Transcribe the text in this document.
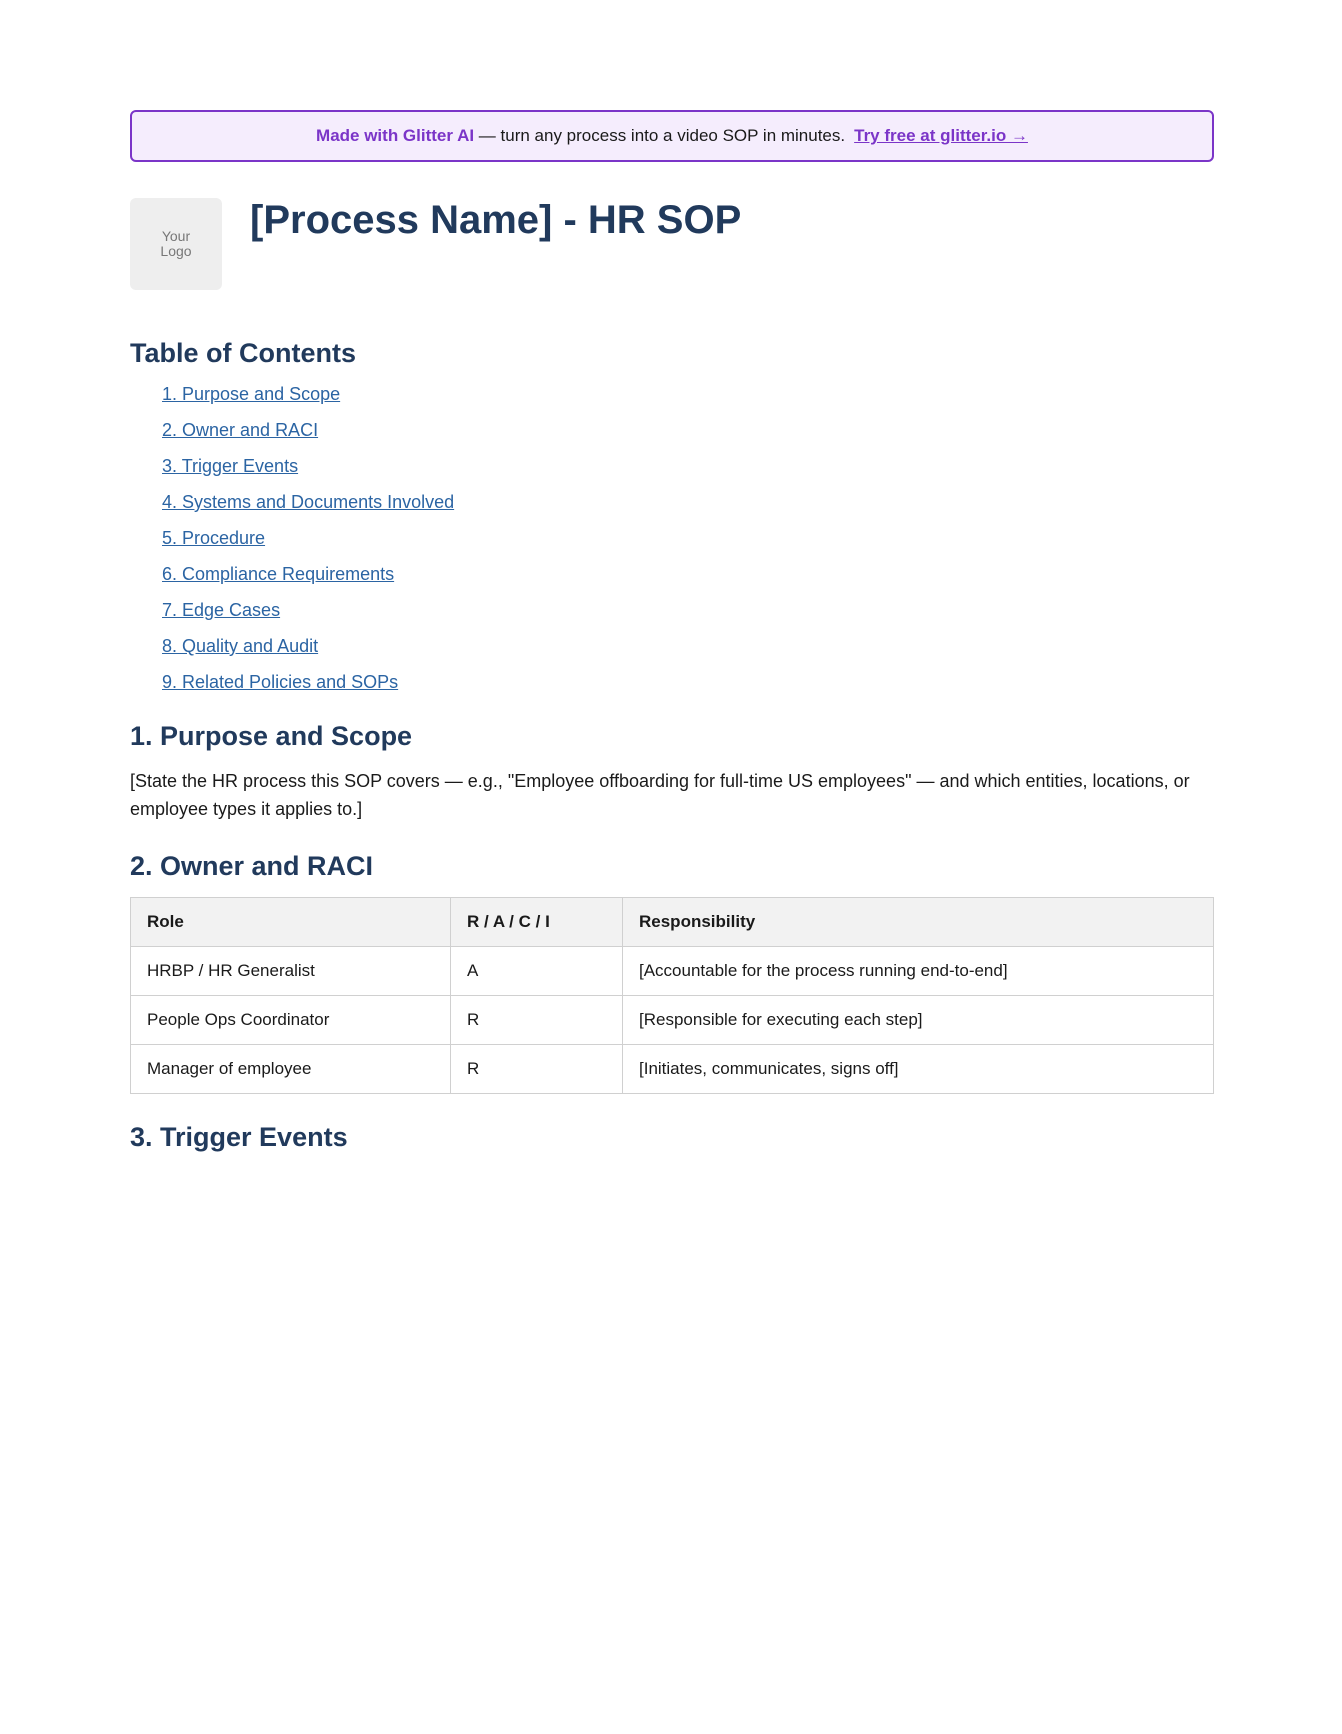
Made with Glitter AI — turn any process into a video SOP in minutes. Try free at glitter.io →
Your
Logo
[Process Name] - HR SOP
Table of Contents
1. Purpose and Scope
2. Owner and RACI
3. Trigger Events
4. Systems and Documents Involved
5. Procedure
6. Compliance Requirements
7. Edge Cases
8. Quality and Audit
9. Related Policies and SOPs
1. Purpose and Scope

[State the HR process this SOP covers — e.g., "Employee offboarding for full-time US employees" — and which entities, locations, or employee types it applies to.]

2. Owner and RACI
Role	R / A / C / I	Responsibility
HRBP / HR Generalist	A	[Accountable for the process running end-to-end]
People Ops Coordinator	R	[Responsible for executing each step]
Manager of employee	R	[Initiates, communicates, signs off]
3. Trigger Events
